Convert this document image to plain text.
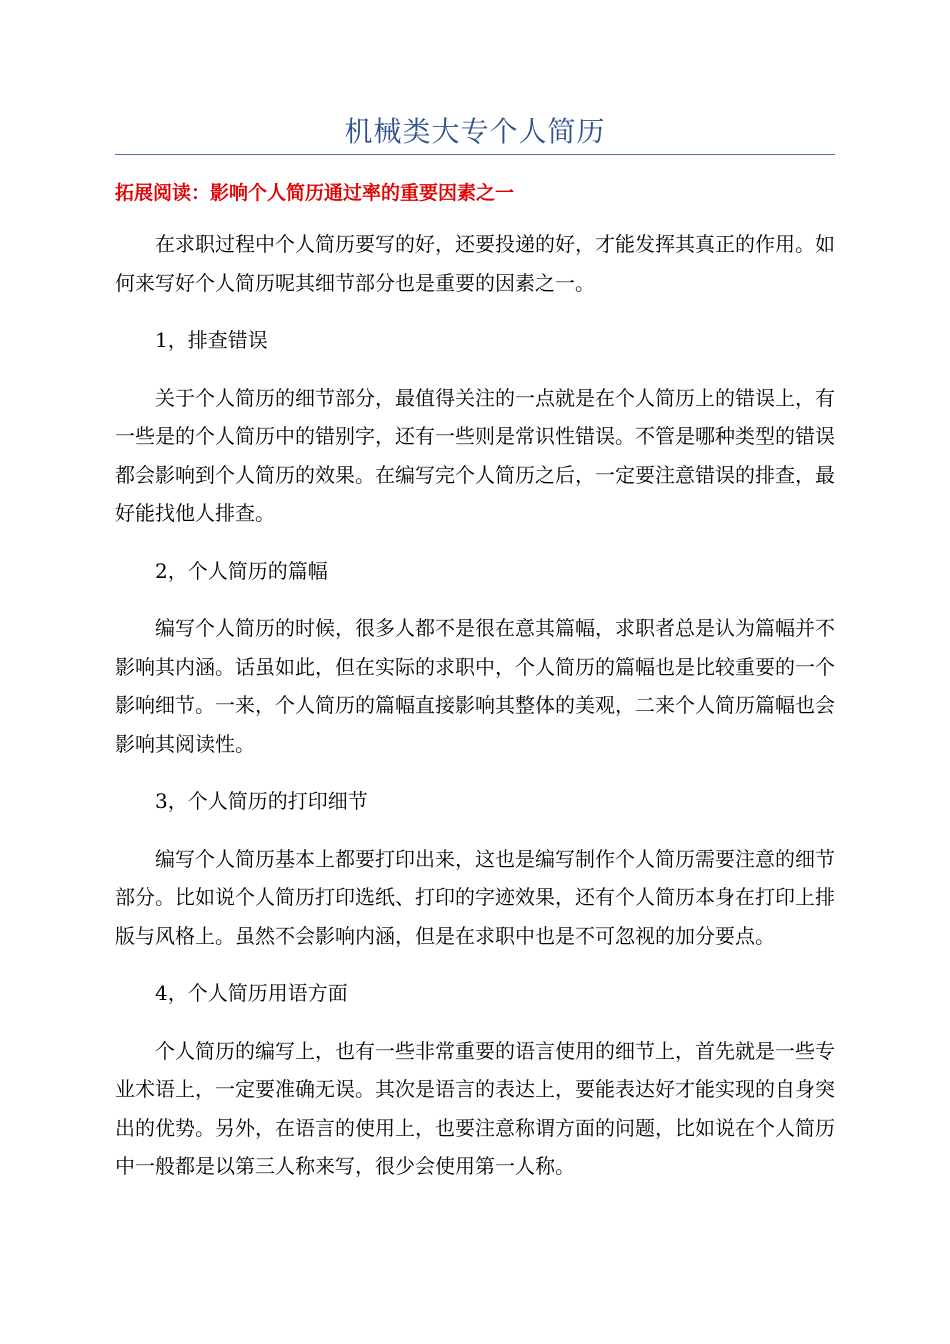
机械类大专个人简历
拓展阅读：影响个人简历通过率的重要因素之一

在求职过程中个人简历要写的好，还要投递的好，才能发挥其真正的作用。如何来写好个人简历呢其细节部分也是重要的因素之一。

1，排查错误

关于个人简历的细节部分，最值得关注的一点就是在个人简历上的错误上，有一些是的个人简历中的错别字，还有一些则是常识性错误。不管是哪种类型的错误都会影响到个人简历的效果。在编写完个人简历之后，一定要注意错误的排查，最好能找他人排查。

2，个人简历的篇幅

编写个人简历的时候，很多人都不是很在意其篇幅，求职者总是认为篇幅并不影响其内涵。话虽如此，但在实际的求职中，个人简历的篇幅也是比较重要的一个影响细节。一来，个人简历的篇幅直接影响其整体的美观，二来个人简历篇幅也会影响其阅读性。

3，个人简历的打印细节

编写个人简历基本上都要打印出来，这也是编写制作个人简历需要注意的细节部分。比如说个人简历打印选纸、打印的字迹效果，还有个人简历本身在打印上排版与风格上。虽然不会影响内涵，但是在求职中也是不可忽视的加分要点。

4，个人简历用语方面

个人简历的编写上，也有一些非常重要的语言使用的细节上，首先就是一些专业术语上，一定要准确无误。其次是语言的表达上，要能表达好才能实现的自身突出的优势。另外，在语言的使用上，也要注意称谓方面的问题，比如说在个人简历中一般都是以第三人称来写，很少会使用第一人称。
